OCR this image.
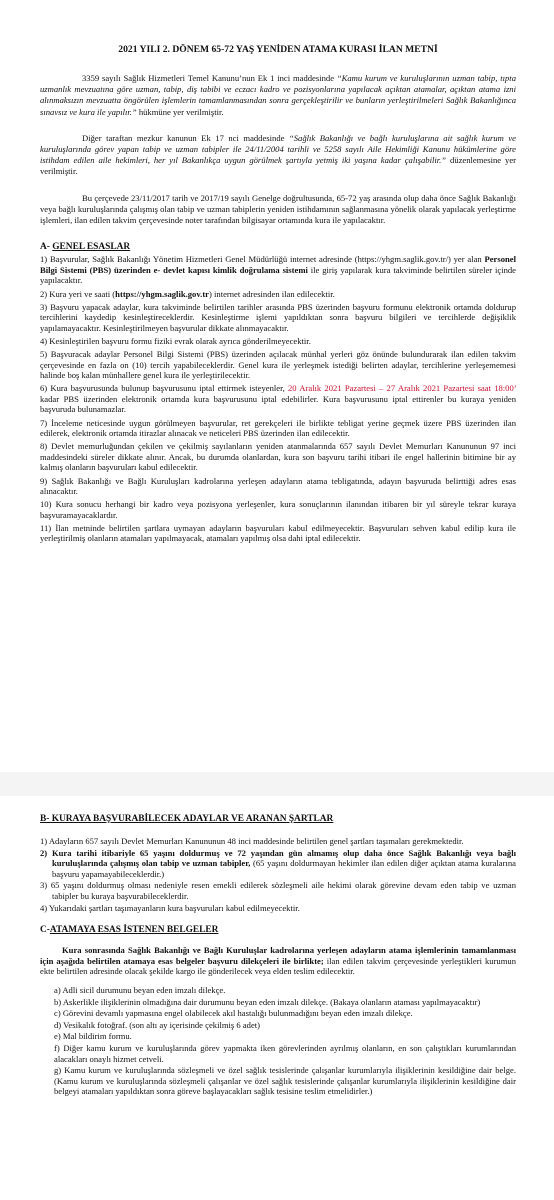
2021 YILI 2. DÖNEM 65-72 YAŞ YENİDEN ATAMA KURASI İLAN METNİ

3359 sayılı Sağlık Hizmetleri Temel Kanunu’nun Ek 1 inci maddesinde “Kamu kurum ve kuruluşlarının uzman tabip, tıpta uzmanlık mevzuatına göre uzman, tabip, diş tabibi ve eczacı kadro ve pozisyonlarına yapılacak açıktan atamalar, açıktan atama izni alınmaksızın mevzuatta öngörülen işlemlerin tamamlanmasından sonra gerçekleştirilir ve bunların yerleştirilmeleri Sağlık Bakanlığınca sınavsız ve kura ile yapılır.” hükmüne yer verilmiştir.

Diğer taraftan mezkur kanunun Ek 17 nci maddesinde “Sağlık Bakanlığı ve bağlı kuruluşlarına ait sağlık kurum ve kuruluşlarında görev yapan tabip ve uzman tabipler ile 24/11/2004 tarihli ve 5258 sayılı Aile Hekimliği Kanunu hükümlerine göre istihdam edilen aile hekimleri, her yıl Bakanlıkça uygun görülmek şartıyla yetmiş iki yaşına kadar çalışabilir.” düzenlemesine yer verilmiştir.

Bu çerçevede 23/11/2017 tarih ve 2017/19 sayılı Genelge doğrultusunda, 65-72 yaş arasında olup daha önce Sağlık Bakanlığı veya bağlı kuruluşlarında çalışmış olan tabip ve uzman tabiplerin yeniden istihdamının sağlanmasına yönelik olarak yapılacak yerleştirme işlemleri, ilan edilen takvim çerçevesinde noter tarafından bilgisayar ortamında kura ile yapılacaktır.

A- GENEL ESASLAR
1) Başvurular, Sağlık Bakanlığı Yönetim Hizmetleri Genel Müdürlüğü internet adresinde (https://yhgm.saglik.gov.tr/) yer alan Personel Bilgi Sistemi (PBS) üzerinden e- devlet kapısı kimlik doğrulama sistemi ile giriş yapılarak kura takviminde belirtilen süreler içinde yapılacaktır.
2) Kura yeri ve saati (https://yhgm.saglik.gov.tr) internet adresinden ilan edilecektir.
3) Başvuru yapacak adaylar, kura takviminde belirtilen tarihler arasında PBS üzerinden başvuru formunu elektronik ortamda doldurup tercihlerini kaydedip kesinleştireceklerdir. Kesinleştirme işlemi yapıldıktan sonra başvuru bilgileri ve tercihlerde değişiklik yapılamayacaktır. Kesinleştirilmeyen başvurular dikkate alınmayacaktır.
4) Kesinleştirilen başvuru formu fiziki evrak olarak ayrıca gönderilmeyecektir.
5) Başvuracak adaylar Personel Bilgi Sistemi (PBS) üzerinden açılacak münhal yerleri göz önünde bulundurarak ilan edilen takvim çerçevesinde en fazla on (10) tercih yapabileceklerdir. Genel kura ile yerleşmek istediği belirten adaylar, tercihlerine yerleşememesi halinde boş kalan münhallere genel kura ile yerleştirilecektir.
6) Kura başvurusunda bulunup başvurusunu iptal ettirmek isteyenler, 20 Aralık 2021 Pazartesi – 27 Aralık 2021 Pazartesi saat 18:00’ kadar PBS üzerinden elektronik ortamda kura başvurusunu iptal edebilirler. Kura başvurusunu iptal ettirenler bu kuraya yeniden başvuruda bulunamazlar.
7) İnceleme neticesinde uygun görülmeyen başvurular, ret gerekçeleri ile birlikte tebligat yerine geçmek üzere PBS üzerinden ilan edilerek, elektronik ortamda itirazlar alınacak ve neticeleri PBS üzerinden ilan edilecektir.
8) Devlet memurluğundan çekilen ve çekilmiş sayılanların yeniden atanmalarında 657 sayılı Devlet Memurları Kanununun 97 inci maddesindeki süreler dikkate alınır. Ancak, bu durumda olanlardan, kura son başvuru tarihi itibari ile engel hallerinin bitimine bir ay kalmış olanların başvuruları kabul edilecektir.
9) Sağlık Bakanlığı ve Bağlı Kuruluşları kadrolarına yerleşen adayların atama tebligatında, adayın başvuruda belirttiği adres esas alınacaktır.
10) Kura sonucu herhangi bir kadro veya pozisyona yerleşenler, kura sonuçlarının ilanından itibaren bir yıl süreyle tekrar kuraya başvuramayacaklardır.
11) İlan metninde belirtilen şartlara uymayan adayların başvuruları kabul edilmeyecektir. Başvuruları sehven kabul edilip kura ile yerleştirilmiş olanların atamaları yapılmayacak, atamaları yapılmış olsa dahi iptal edilecektir.
B- KURAYA BAŞVURABİLECEK ADAYLAR VE ARANAN ŞARTLAR
1) Adayların 657 sayılı Devlet Memurları Kanununun 48 inci maddesinde belirtilen genel şartları taşımaları gerekmektedir.
2) Kura tarihi itibariyle 65 yaşını doldurmuş ve 72 yaşından gün almamış olup daha önce Sağlık Bakanlığı veya bağlı kuruluşlarında çalışmış olan tabip ve uzman tabipler, (65 yaşını doldurmayan hekimler ilan edilen diğer açıktan atama kuralarına başvuru yapamayabileceklerdir.)
3) 65 yaşını doldurmuş olması nedeniyle resen emekli edilerek sözleşmeli aile hekimi olarak görevine devam eden tabip ve uzman tabipler bu kuraya başvurabileceklerdir.
4) Yukarıdaki şartları taşımayanların kura başvuruları kabul edilmeyecektir.
C-ATAMAYA ESAS İSTENEN BELGELER

Kura sonrasında Sağlık Bakanlığı ve Bağlı Kuruluşlar kadrolarına yerleşen adayların atama işlemlerinin tamamlanması için aşağıda belirtilen atamaya esas belgeler başvuru dilekçeleri ile birlikte; ilan edilen takvim çerçevesinde yerleştikleri kurumun ekte belirtilen adresinde olacak şekilde kargo ile gönderilecek veya elden teslim edilecektir.

a) Adli sicil durumunu beyan eden imzalı dilekçe.
b) Askerlikle ilişiklerinin olmadığına dair durumunu beyan eden imzalı dilekçe. (Bakaya olanların ataması yapılmayacaktır)
c) Görevini devamlı yapmasına engel olabilecek akıl hastalığı bulunmadığını beyan eden imzalı dilekçe.
d) Vesikalık fotoğraf. (son altı ay içerisinde çekilmiş 6 adet)
e) Mal bildirim formu.
f) Diğer kamu kurum ve kuruluşlarında görev yapmakta iken görevlerinden ayrılmış olanların, en son çalıştıkları kurumlarından alacakları onaylı hizmet cetveli.
g) Kamu kurum ve kuruluşlarında sözleşmeli ve özel sağlık tesislerinde çalışanlar kurumlarıyla ilişiklerinin kesildiğine dair belge. (Kamu kurum ve kuruluşlarında sözleşmeli çalışanlar ve özel sağlık tesislerinde çalışanlar kurumlarıyla ilişiklerinin kesildiğine dair belgeyi atamaları yapıldıktan sonra göreve başlayacakları sağlık tesisine teslim etmelidirler.)
